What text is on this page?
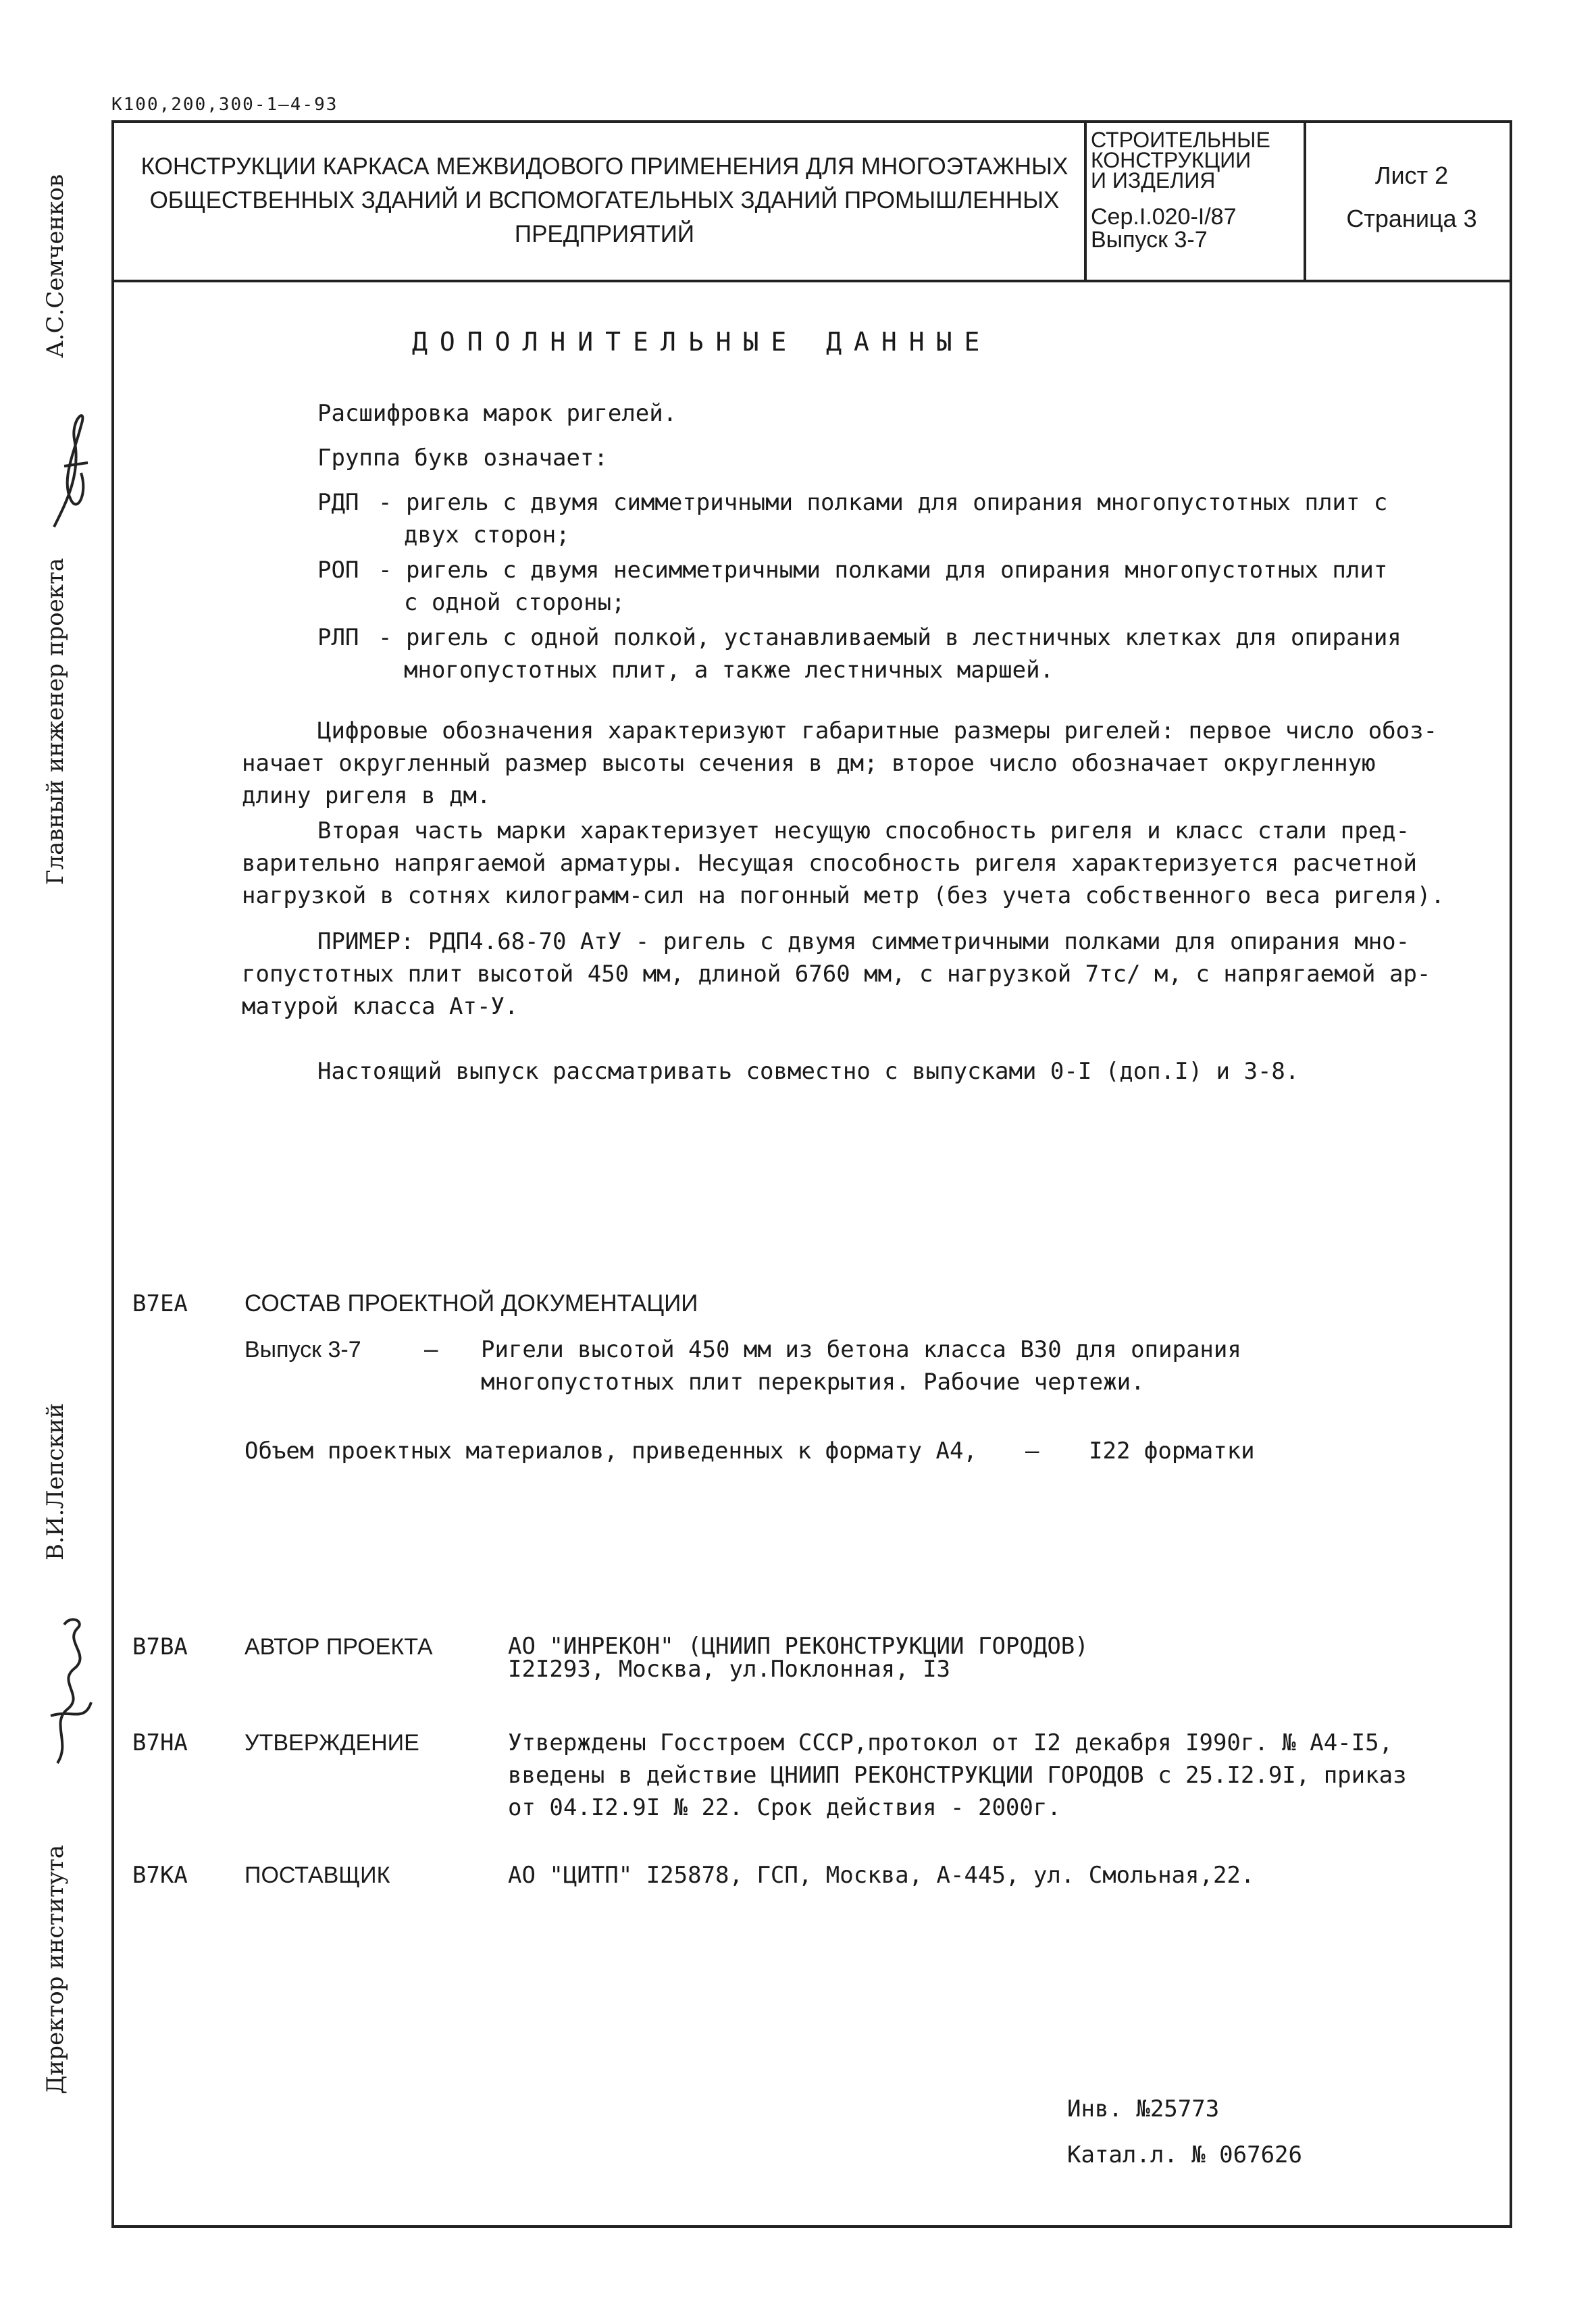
К100,200,300-1—4-93
КОНСТРУКЦИИ КАРКАСА МЕЖВИДОВОГО ПРИМЕНЕНИЯ ДЛЯ МНОГОЭТАЖНЫХ
ОБЩЕСТВЕННЫХ ЗДАНИЙ И ВСПОМОГАТЕЛЬНЫХ ЗДАНИЙ ПРОМЫШЛЕННЫХ
ПРЕДПРИЯТИЙ
СТРОИТЕЛЬНЫЕ
КОНСТРУКЦИИ
И ИЗДЕЛИЯ
Сер.I.020-I/87
Выпуск 3-7
Лист 2
Страница 3
А.С.Семченков
Главный инженер проекта
В.И.Лепский
Директор института
ДОПОЛНИТЕЛЬНЫЕ ДАННЫЕ
Расшифровка марок ригелей.
Группа букв означает:
РДП - ригель с двумя симметричными полками для опирания многопустотных плит с
двух сторон;
РОП - ригель с двумя несимметричными полками для опирания многопустотных плит
с одной стороны;
РЛП - ригель с одной полкой, устанавливаемый в лестничных клетках для опирания
многопустотных плит, а также лестничных маршей.
Цифровые обозначения характеризуют габаритные размеры ригелей: первое число обоз-
начает округленный размер высоты сечения в дм; второе число обозначает округленную
длину ригеля в дм.
Вторая часть марки характеризует несущую способность ригеля и класс стали пред-
варительно напрягаемой арматуры. Несущая способность ригеля характеризуется расчетной
нагрузкой в сотнях килограмм-сил на погонный метр (без учета собственного веса ригеля).
ПРИМЕР: РДП4.68-70 АтУ - ригель с двумя симметричными полками для опирания мно-
гопустотных плит высотой 450 мм, длиной 6760 мм, с нагрузкой 7тс/ м, с напрягаемой ар-
матурой класса Ат-У.
Настоящий выпуск рассматривать совместно с выпусками 0-I (доп.I) и 3-8.
В7ЕА СОСТАВ ПРОЕКТНОЙ ДОКУМЕНТАЦИИ
Выпуск 3-7	– Ригели высотой 450 мм из бетона класса В30 для опирания
многопустотных плит перекрытия. Рабочие чертежи.
Объем проектных материалов, приведенных к формату А4, – I22 форматки
В7ВА АВТОР ПРОЕКТА	АО "ИНРЕКОН" (ЦНИИП РЕКОНСТРУКЦИИ ГОРОДОВ)
I2I293, Москва, ул.Поклонная, I3
В7НА УТВЕРЖДЕНИЕ	Утверждены Госстроем СССР,протокол от I2 декабря I990г. № А4-I5,
введены в действие ЦНИИП РЕКОНСТРУКЦИИ ГОРОДОВ с 25.I2.9I, приказ
от 04.I2.9I № 22. Срок действия - 2000г.
В7КА ПОСТАВЩИК	АО "ЦИТП" I25878, ГСП, Москва, А-445, ул. Смольная,22.
Инв. №25773
Катал.л. № 067626
